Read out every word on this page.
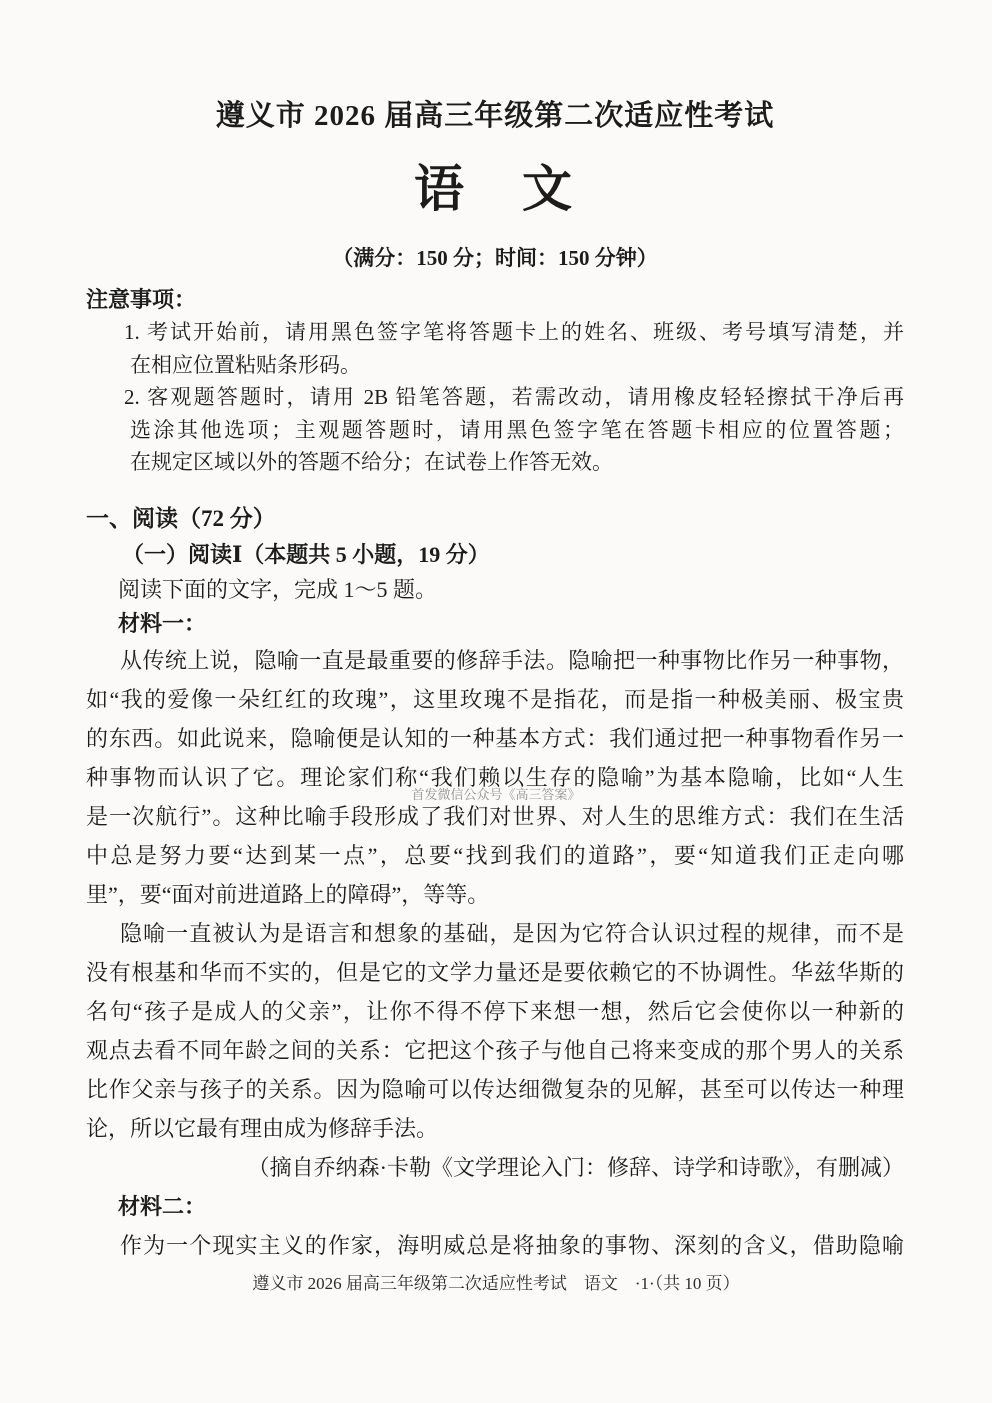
遵义市 2026 届高三年级第二次适应性考试
语　文
（满分：150 分；时间：150 分钟）
注意事项：
1. 考试开始前，请用黑色签字笔将答题卡上的姓名、班级、考号填写清楚，并
在相应位置粘贴条形码。
2. 客观题答题时，请用 2B 铅笔答题，若需改动，请用橡皮轻轻擦拭干净后再
选涂其他选项；主观题答题时，请用黑色签字笔在答题卡相应的位置答题；
在规定区域以外的答题不给分；在试卷上作答无效。
一、阅读（72 分）
（一）阅读Ⅰ（本题共 5 小题，19 分）
阅读下面的文字，完成 1～5 题。
材料一：
从传统上说，隐喻一直是最重要的修辞手法。隐喻把一种事物比作另一种事物，
如“我的爱像一朵红红的玫瑰”，这里玫瑰不是指花，而是指一种极美丽、极宝贵
的东西。如此说来，隐喻便是认知的一种基本方式：我们通过把一种事物看作另一
种事物而认识了它。理论家们称“我们赖以生存的隐喻”为基本隐喻，比如“人生
是一次航行”。这种比喻手段形成了我们对世界、对人生的思维方式：我们在生活
中总是努力要“达到某一点”，总要“找到我们的道路”，要“知道我们正走向哪
里”，要“面对前进道路上的障碍”，等等。
隐喻一直被认为是语言和想象的基础，是因为它符合认识过程的规律，而不是
没有根基和华而不实的，但是它的文学力量还是要依赖它的不协调性。华兹华斯的
名句“孩子是成人的父亲”，让你不得不停下来想一想，然后它会使你以一种新的
观点去看不同年龄之间的关系：它把这个孩子与他自己将来变成的那个男人的关系
比作父亲与孩子的关系。因为隐喻可以传达细微复杂的见解，甚至可以传达一种理
论，所以它最有理由成为修辞手法。
（摘自乔纳森·卡勒《文学理论入门：修辞、诗学和诗歌》，有删减）
材料二：
作为一个现实主义的作家，海明威总是将抽象的事物、深刻的含义，借助隐喻
首发微信公众号《高三答案》
遵义市 2026 届高三年级第二次适应性考试　语文　·1·（共 10 页）
